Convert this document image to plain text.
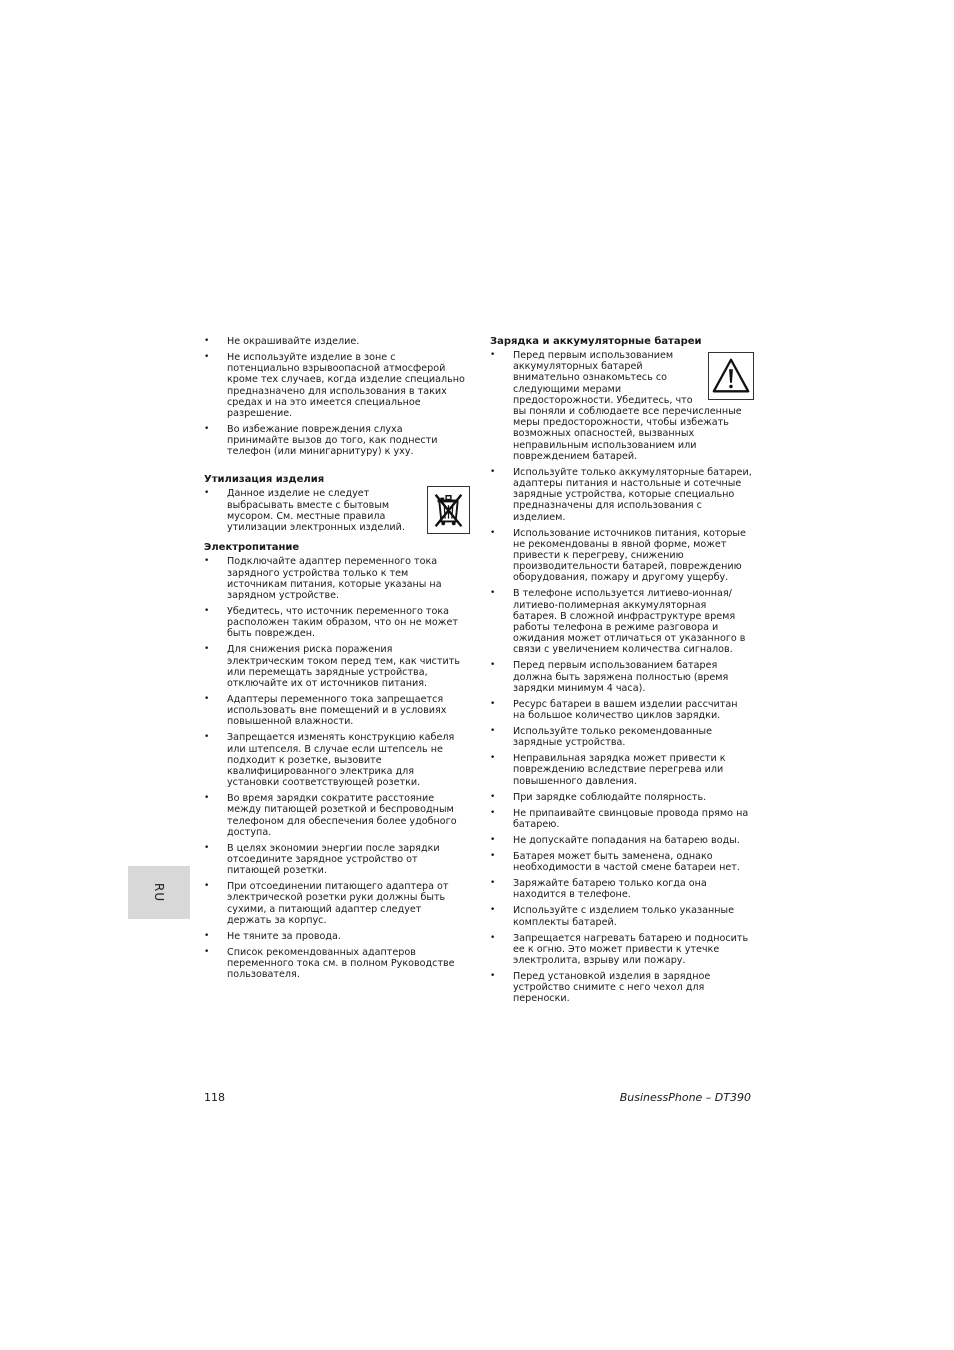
• Не окрашивайте изделие.
• Не используйте изделие в зоне с потенциально взрывоопасной атмосферой кроме тех случаев, когда изделие специально предназначено для использования в таких средах и на это имеется специальное разрешение.
• Во избежание повреждения слуха принимайте вызов до того, как поднести телефон (или минигарнитуру) к уху.
Утилизация изделия
• Данное изделие не следует выбрасывать вместе с бытовым мусором. См. местные правила утилизации электронных изделий.
Электропитание
• Подключайте адаптер переменного тока зарядного устройства только к тем источникам питания, которые указаны на зарядном устройстве.
• Убедитесь, что источник переменного тока расположен таким образом, что он не может быть поврежден.
• Для снижения риска поражения электрическим током перед тем, как чистить или перемещать зарядные устройства, отключайте их от источников питания.
• Адаптеры переменного тока запрещается использовать вне помещений и в условиях повышенной влажности.
• Запрещается изменять конструкцию кабеля или штепселя. В случае если штепсель не подходит к розетке, вызовите квалифицированного электрика для установки соответствующей розетки.
• Во время зарядки сократите расстояние между питающей розеткой и беспроводным телефоном для обеспечения более удобного доступа.
• В целях экономии энергии после зарядки отсоедините зарядное устройство от питающей розетки.
• При отсоединении питающего адаптера от электрической розетки руки должны быть сухими, а питающий адаптер следует держать за корпус.
• Не тяните за провода.
• Список рекомендованных адаптеров переменного тока см. в полном Руководстве пользователя.
Зарядка и аккумуляторные батареи
• Перед первым использованием аккумуляторных батарей внимательно ознакомьтесь со следующими мерами предосторожности. Убедитесь, что вы поняли и соблюдаете все перечисленные меры предосторожности, чтобы избежать возможных опасностей, вызванных неправильным использованием или повреждением батарей.
• Используйте только аккумуляторные батареи, адаптеры питания и настольные и сотечные зарядные устройства, которые специально предназначены для использования с изделием.
• Использование источников питания, которые не рекомендованы в явной форме, может привести к перегреву, снижению производительности батарей, повреждению оборудования, пожару и другому ущербу.
• В телефоне используется литиево-ионная/литиево-полимерная аккумуляторная батарея. В сложной инфраструктуре время работы телефона в режиме разговора и ожидания может отличаться от указанного в связи с увеличением количества сигналов.
• Перед первым использованием батарея должна быть заряжена полностью (время зарядки минимум 4 часа).
• Ресурс батареи в вашем изделии рассчитан на большое количество циклов зарядки.
• Используйте только рекомендованные зарядные устройства.
• Неправильная зарядка может привести к повреждению вследствие перегрева или повышенного давления.
• При зарядке соблюдайте полярность.
• Не припаивайте свинцовые провода прямо на батарею.
• Не допускайте попадания на батарею воды.
• Батарея может быть заменена, однако необходимости в частой смене батареи нет.
• Заряжайте батарею только когда она находится в телефоне.
• Используйте с изделием только указанные комплекты батарей.
• Запрещается нагревать батарею и подносить ее к огню. Это может привести к утечке электролита, взрыву или пожару.
• Перед установкой изделия в зарядное устройство снимите с него чехол для переноски.
RU
118	BusinessPhone – DT390
